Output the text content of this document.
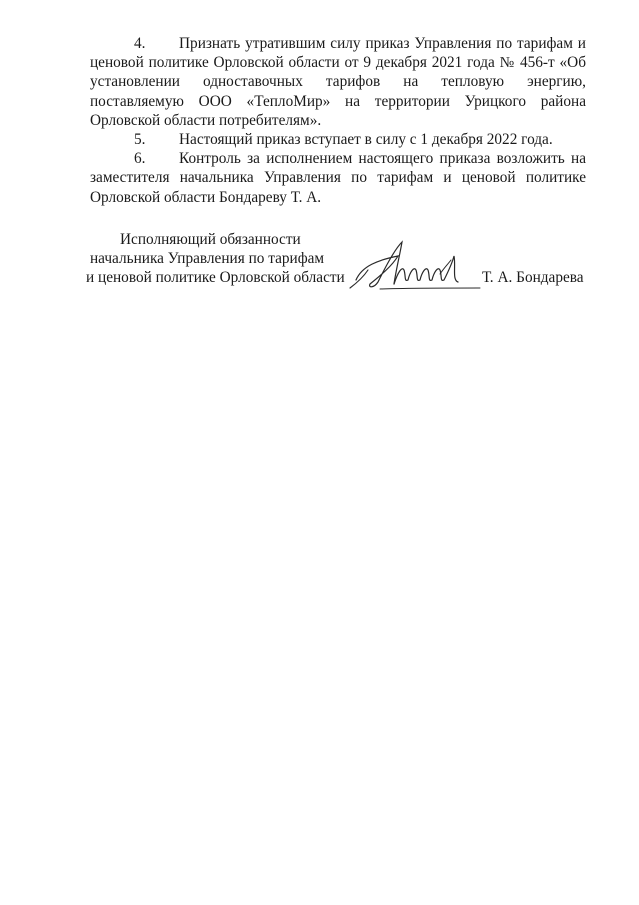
4. Признать утратившим силу приказ Управления по тарифам и ценовой политике Орловской области от 9 декабря 2021 года № 456-т «Об установлении одноставочных тарифов на тепловую энергию, поставляемую ООО «ТеплоМир» на территории Урицкого района Орловской области потребителям».

5. Настоящий приказ вступает в силу с 1 декабря 2022 года.

6. Контроль за исполнением настоящего приказа возложить на заместителя начальника Управления по тарифам и ценовой политике Орловской области Бондареву Т. А.

Исполняющий обязанности
начальника Управления по тарифам
и ценовой политике Орловской области	Т. А. Бондарева
